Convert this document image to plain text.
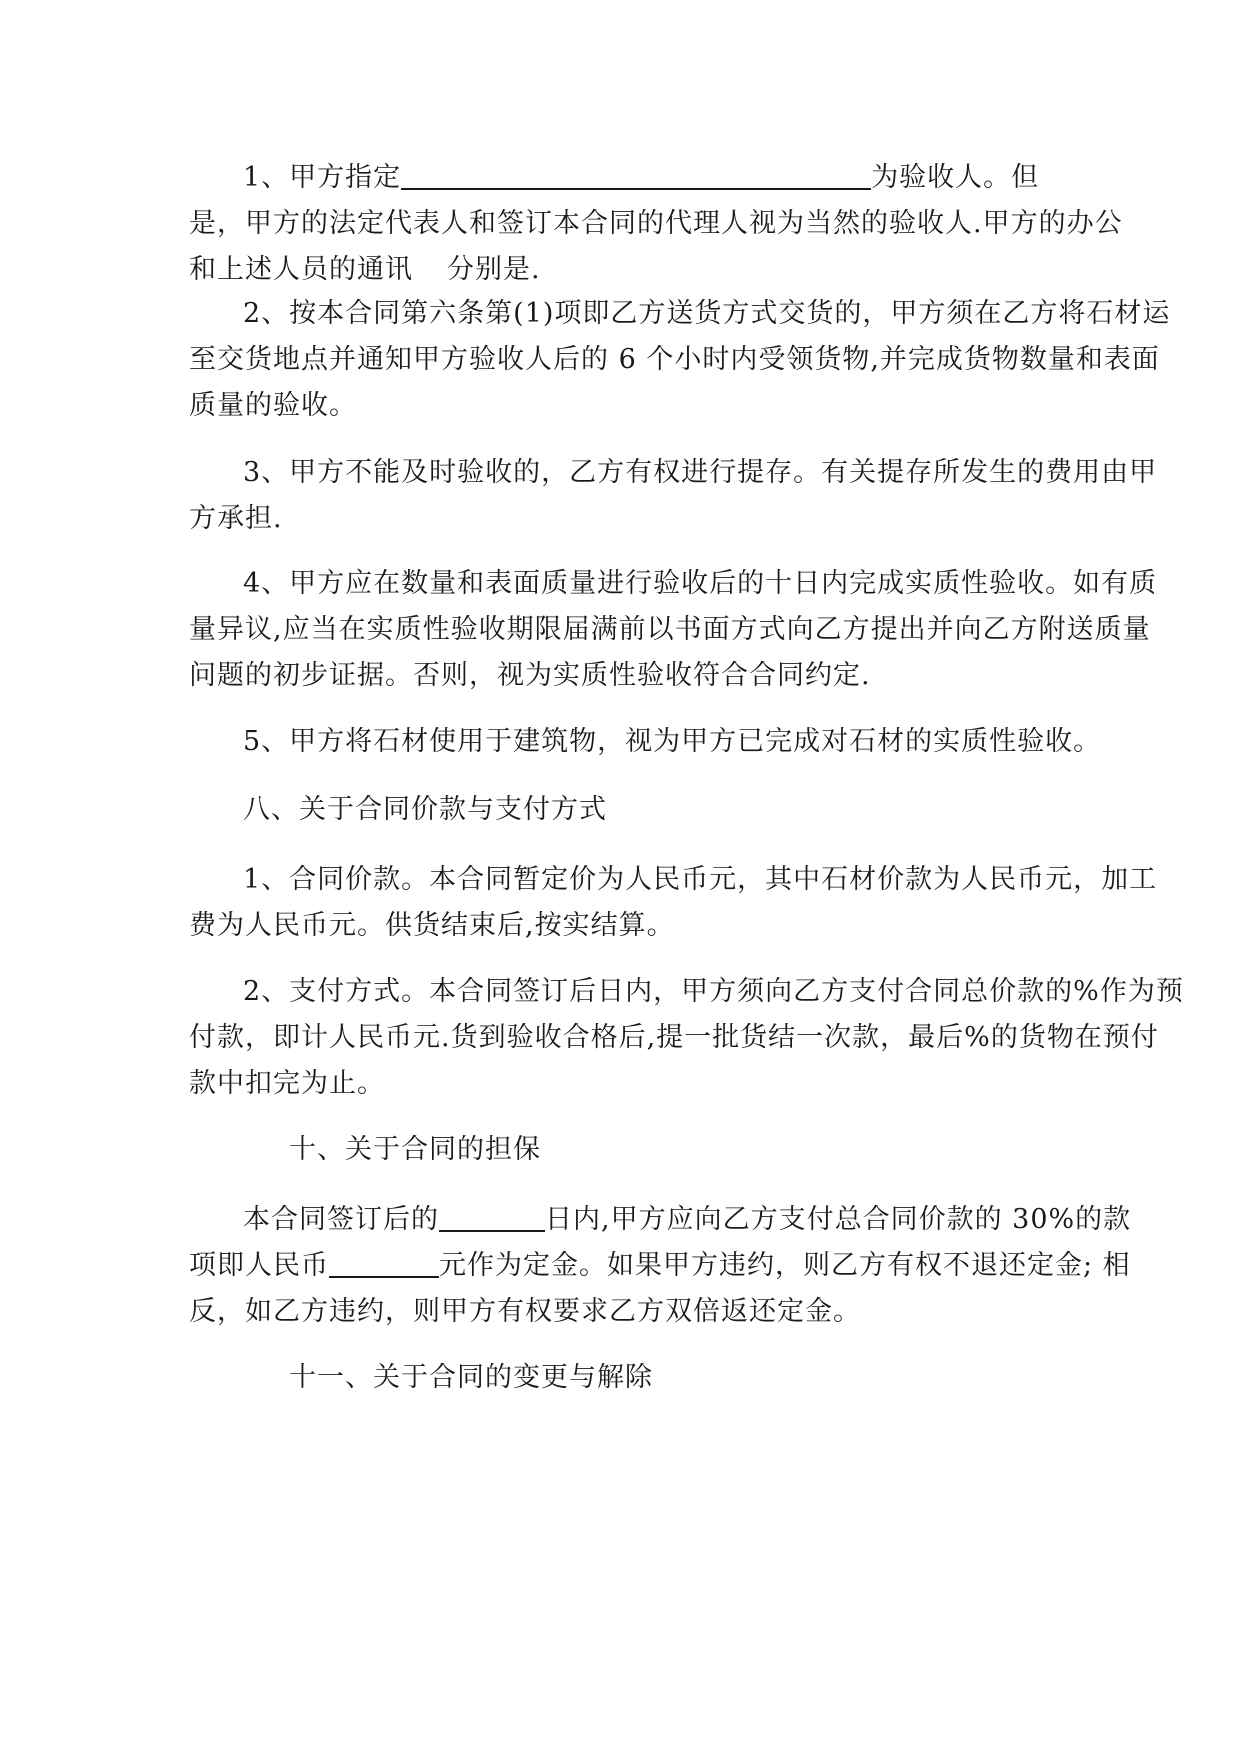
1、甲方指定	为验收人。但
是，甲方的法定代表人和签订本合同的代理人视为当然的验收人.甲方的办公
和上述人员的通讯 分别是.
2、按本合同第六条第(1)项即乙方送货方式交货的，甲方须在乙方将石材运
至交货地点并通知甲方验收人后的 6 个小时内受领货物,并完成货物数量和表面
质量的验收。
3、甲方不能及时验收的，乙方有权进行提存。有关提存所发生的费用由甲
方承担.
4、甲方应在数量和表面质量进行验收后的十日内完成实质性验收。如有质
量异议,应当在实质性验收期限届满前以书面方式向乙方提出并向乙方附送质量
问题的初步证据。否则，视为实质性验收符合合同约定.
5、甲方将石材使用于建筑物，视为甲方已完成对石材的实质性验收。
八、关于合同价款与支付方式
1、合同价款。本合同暂定价为人民币元，其中石材价款为人民币元，加工
费为人民币元。供货结束后,按实结算。
2、支付方式。本合同签订后日内，甲方须向乙方支付合同总价款的%作为预
付款，即计人民币元.货到验收合格后,提一批货结一次款，最后%的货物在预付
款中扣完为止。
十、关于合同的担保
本合同签订后的	日内,甲方应向乙方支付总合同价款的 30%的款
项即人民币	元作为定金。如果甲方违约，则乙方有权不退还定金; 相
反，如乙方违约，则甲方有权要求乙方双倍返还定金。
十一、关于合同的变更与解除
